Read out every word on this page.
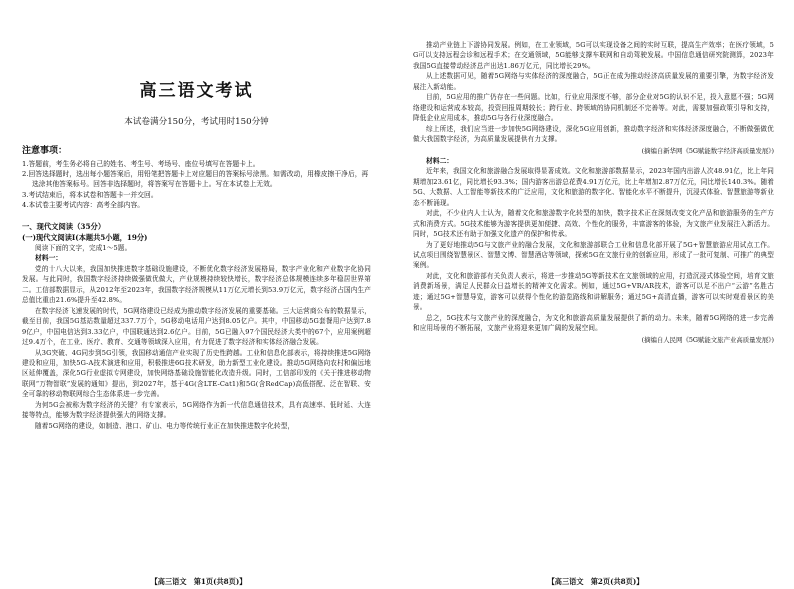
高三语文考试
本试卷满分150分，考试用时150分钟
注意事项：
1.答题前，考生务必将自己的姓名、考生号、考场号、座位号填写在答题卡上。
2.回答选择题时，选出每小题答案后，用铅笔把答题卡上对应题目的答案标号涂黑。如需改动，用橡皮擦干净后，再选涂其他答案标号。回答非选择题时，将答案写在答题卡上。写在本试卷上无效。
3.考试结束后，将本试卷和答题卡一并交回。
4.本试卷主要考试内容：高考全部内容。
一、现代文阅读（35分）
(一)现代文阅读Ⅰ(本题共5小题，19分)
阅读下面的文字，完成1～5题。
材料一：

党的十八大以来，我国加快推进数字基础设施建设，不断优化数字经济发展格局，数字产业化和产业数字化协同发展。与此同时，我国数字经济持续做强做优做大，产业规模持续较快增长，数字经济总体规模连续多年稳居世界第二。工信部数据显示，从2012年至2023年，我国数字经济规模从11万亿元增长到53.9万亿元，数字经济占国内生产总值比重由21.6%提升至42.8%。

在数字经济飞速发展的时代，5G网络建设已经成为推动数字经济发展的重要基础。三大运营商公布的数据显示，截至目前，我国5G基站数量超过337.7万个，5G移动电话用户达到8.05亿户。其中，中国移动5G套餐用户达到7.89亿户，中国电信达到3.33亿户，中国联通达到2.6亿户。目前，5G已融入97个国民经济大类中的67个，应用案例超过9.4万个，在工业、医疗、教育、交通等领域深入应用，有力促进了数字经济和实体经济融合发展。

从3G突破、4G同步到5G引领，我国移动通信产业实现了历史性跨越。工业和信息化部表示，将持续推进5G网络建设和应用，加快5G-A技术演进和应用，积极推进6G技术研发，助力新型工业化建设。推动5G网络向农村和偏远地区延伸覆盖，深化5G行业虚拟专网建设，加快网络基础设施智能化改造升级。同时，工信部印发的《关于推进移动物联网“万物智联”发展的通知》提出，到2027年，基于4G(含LTE-Cat1)和5G(含RedCap)高低搭配、泛在智联、安全可靠的移动物联网综合生态体系进一步完善。

为何5G会被称为数字经济的关键？有专家表示，5G网络作为新一代信息通信技术，具有高速率、低时延、大连接等特点，能够为数字经济提供强大的网络支撑。

随着5G网络的建设，如制造、港口、矿山、电力等传统行业正在加快推进数字化转型，

【高三语文　第1页(共8页)】

推动产业链上下游协同发展。例如，在工业领域，5G可以实现设备之间的实时互联，提高生产效率；在医疗领域，5G可以支持远程会诊和远程手术；在交通领域，5G能够支撑车联网和自动驾驶发展。中国信息通信研究院测算，2023年我国5G直接带动经济总产出达1.86万亿元，同比增长29%。

从上述数据可见，随着5G网络与实体经济的深度融合，5G正在成为推动经济高质量发展的重要引擎，为数字经济发展注入新动能。

目前，5G应用的推广仍存在一些问题。比如，行业应用深度不够，部分企业对5G的认识不足，投入意愿不强；5G网络建设和运营成本较高，投资回报周期较长；跨行业、跨领域的协同机制还不完善等。对此，需要加强政策引导和支持，降低企业应用成本，推动5G与各行业深度融合。

综上所述，我们应当进一步加快5G网络建设，深化5G应用创新，推动数字经济和实体经济深度融合，不断做强做优做大我国数字经济，为高质量发展提供有力支撑。

(摘编自新华网《5G赋能数字经济高质量发展》)
材料二：

近年来，我国文化和旅游融合发展取得显著成效。文化和旅游部数据显示，2023年国内出游人次48.91亿，比上年同期增加23.61亿，同比增长93.3%；国内游客出游总花费4.91万亿元，比上年增加2.87万亿元，同比增长140.3%。随着5G、大数据、人工智能等新技术的广泛应用，文化和旅游的数字化、智能化水平不断提升，沉浸式体验、智慧旅游等新业态不断涌现。

对此，不少业内人士认为，随着文化和旅游数字化转型的加快，数字技术正在深刻改变文化产品和旅游服务的生产方式和消费方式。5G技术能够为游客提供更加便捷、高效、个性化的服务，丰富游客的体验，为文旅产业发展注入新活力。同时，5G技术还有助于加强文化遗产的保护和传承。

为了更好地推动5G与文旅产业的融合发展，文化和旅游部联合工业和信息化部开展了5G+智慧旅游应用试点工作。试点项目围绕智慧景区、智慧文博、智慧酒店等领域，探索5G在文旅行业的创新应用，形成了一批可复制、可推广的典型案例。

对此，文化和旅游部有关负责人表示，将进一步推动5G等新技术在文旅领域的应用，打造沉浸式体验空间，培育文旅消费新场景，满足人民群众日益增长的精神文化需求。例如，通过5G+VR/AR技术，游客可以足不出户“云游”名胜古迹；通过5G+智慧导览，游客可以获得个性化的游览路线和讲解服务；通过5G+高清直播，游客可以实时观看景区的美景。

总之，5G技术与文旅产业的深度融合，为文化和旅游高质量发展提供了新的动力。未来，随着5G网络的进一步完善和应用场景的不断拓展，文旅产业将迎来更加广阔的发展空间。

(摘编自人民网《5G赋能文旅产业高质量发展》)
【高三语文　第2页(共8页)】
